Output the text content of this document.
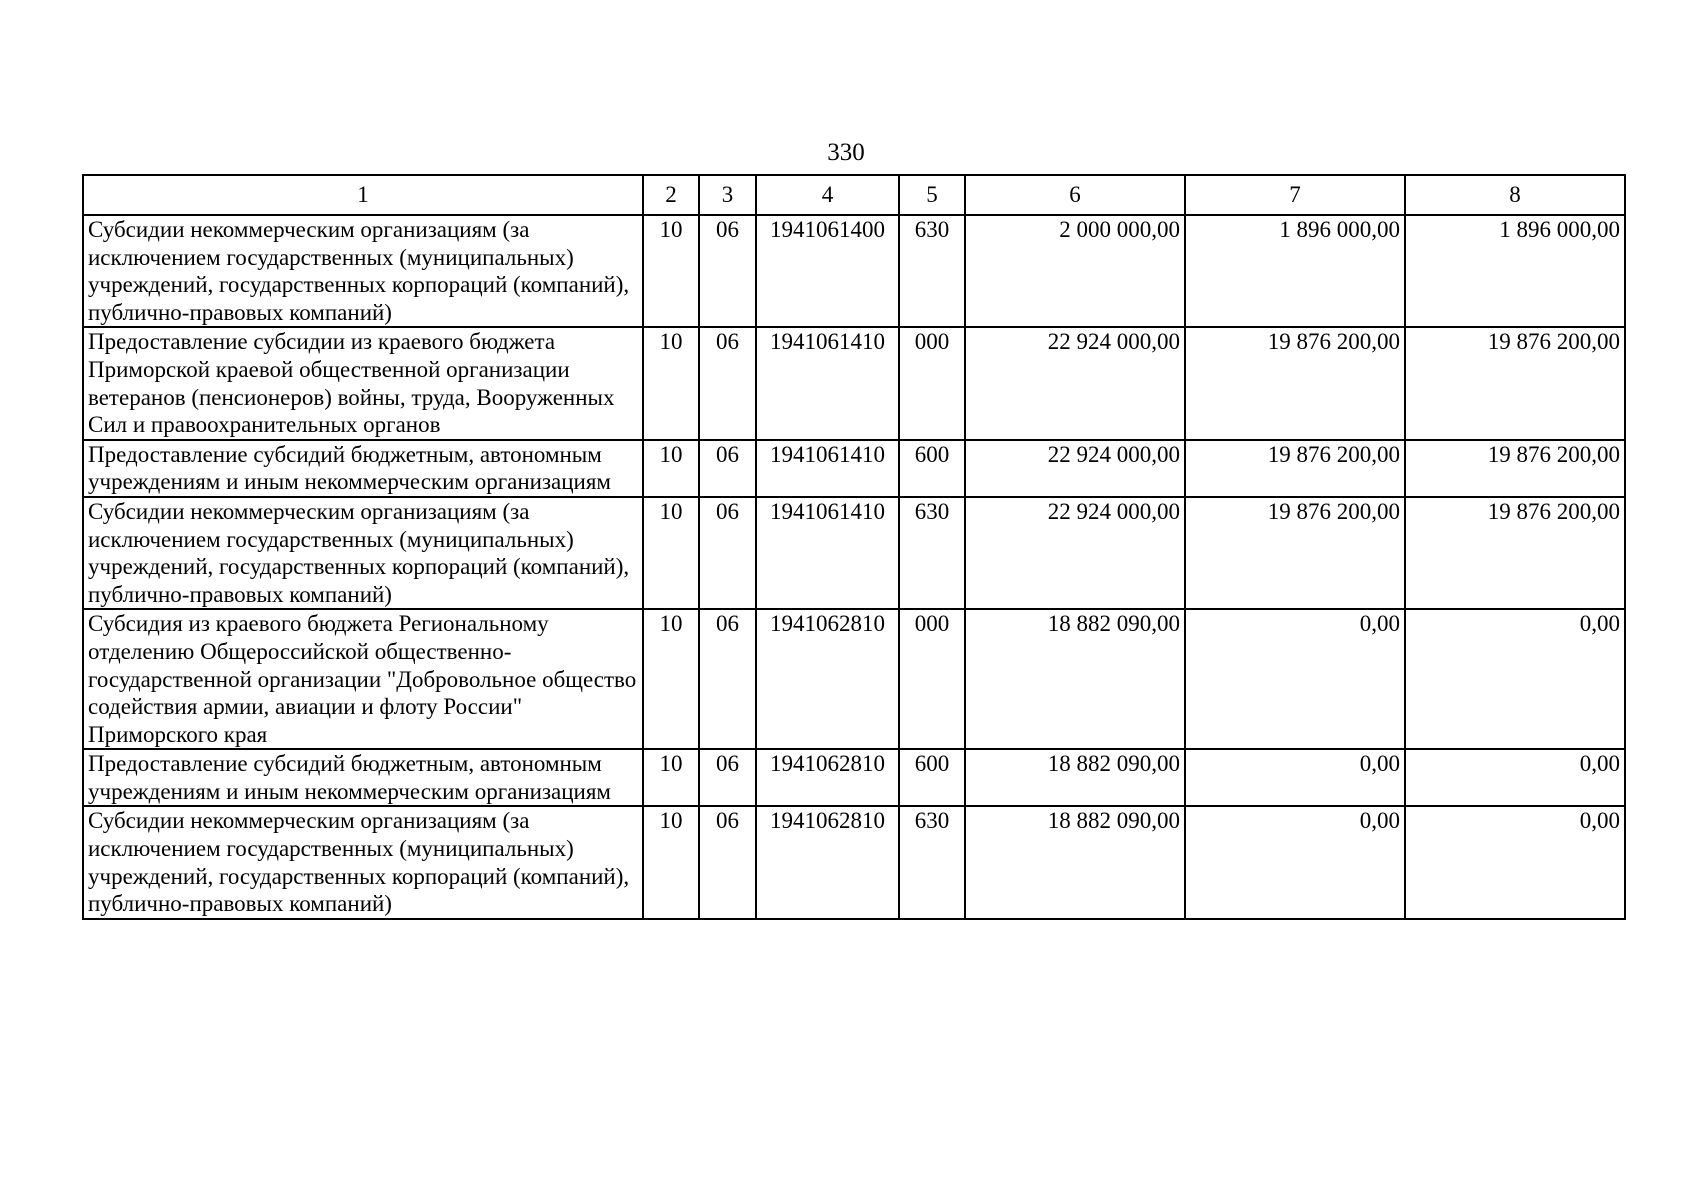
330
1	2	3	4	5	6	7	8
Субсидии некоммерческим организациям (за исключением государственных (муниципальных) учреждений, государственных корпораций (компаний), публично-правовых компаний)	10	06	1941061400	630	2 000 000,00	1 896 000,00	1 896 000,00
Предоставление субсидии из краевого бюджета Приморской краевой общественной организации ветеранов (пенсионеров) войны, труда, Вооруженных Сил и правоохранительных органов	10	06	1941061410	000	22 924 000,00	19 876 200,00	19 876 200,00
Предоставление субсидий бюджетным, автономным учреждениям и иным некоммерческим организациям	10	06	1941061410	600	22 924 000,00	19 876 200,00	19 876 200,00
Субсидии некоммерческим организациям (за исключением государственных (муниципальных) учреждений, государственных корпораций (компаний), публично-правовых компаний)	10	06	1941061410	630	22 924 000,00	19 876 200,00	19 876 200,00
Субсидия из краевого бюджета Региональному отделению Общероссийской общественно-государственной организации "Добровольное общество содействия армии, авиации и флоту России" Приморского края	10	06	1941062810	000	18 882 090,00	0,00	0,00
Предоставление субсидий бюджетным, автономным учреждениям и иным некоммерческим организациям	10	06	1941062810	600	18 882 090,00	0,00	0,00
Субсидии некоммерческим организациям (за исключением государственных (муниципальных) учреждений, государственных корпораций (компаний), публично-правовых компаний)	10	06	1941062810	630	18 882 090,00	0,00	0,00
